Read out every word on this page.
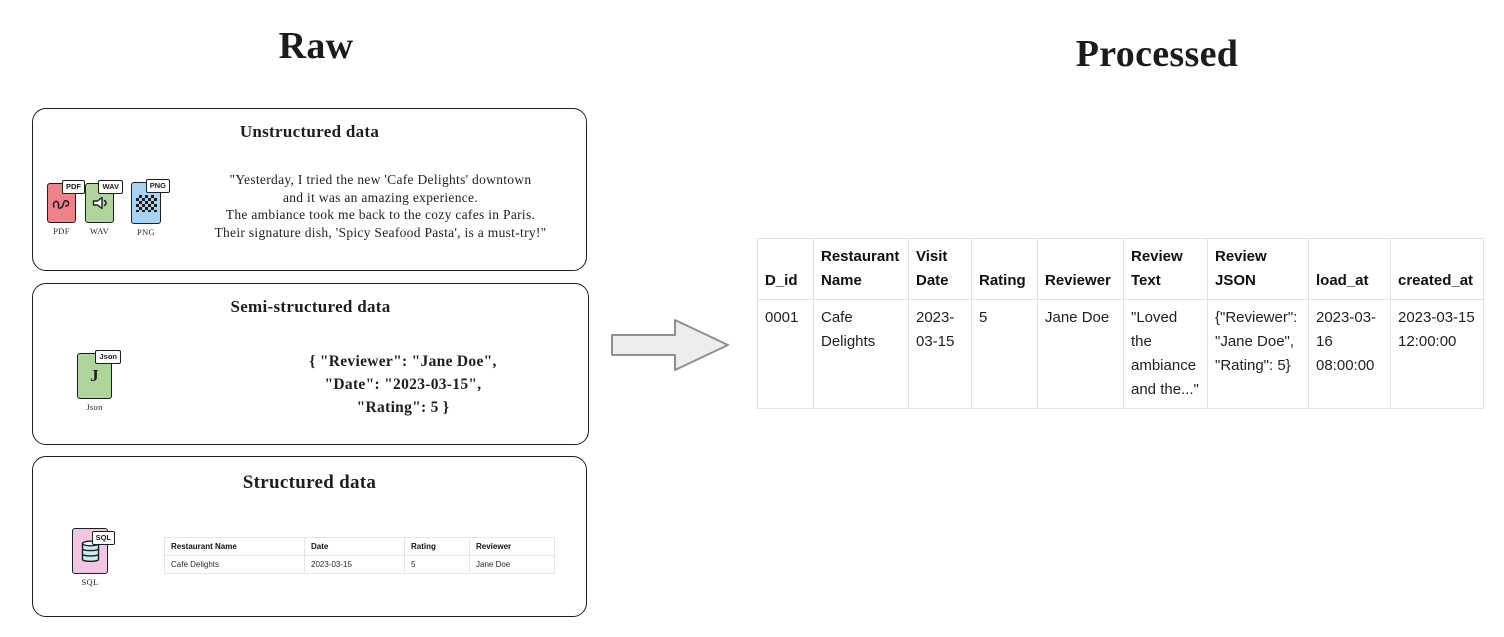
Raw	Processed
Unstructured data
PDF
PDF
WAV
WAV
PNG
PNG
"Yesterday, I tried the new 'Cafe Delights' downtown
and it was an amazing experience.
The ambiance took me back to the cozy cafes in Paris.
Their signature dish, 'Spicy Seafood Pasta', is a must-try!"
Semi-structured data
J
Json
Json
{ "Reviewer": "Jane Doe",
"Date": "2023-03-15",
"Rating": 5 }
Structured data
SQL
SQL
Restaurant Name	Date	Rating	Reviewer
Cafe Delights	2023-03-15	5	Jane Doe
D_id	Restaurant Name	Visit Date	Rating	Reviewer	Review Text	Review JSON	load_at	created_at
0001	Cafe Delights	2023-03-15	5	Jane Doe	"Loved the ambiance and the..."	{"Reviewer": "Jane Doe", "Rating": 5}	2023-03-16 08:00:00	2023-03-15 12:00:00
